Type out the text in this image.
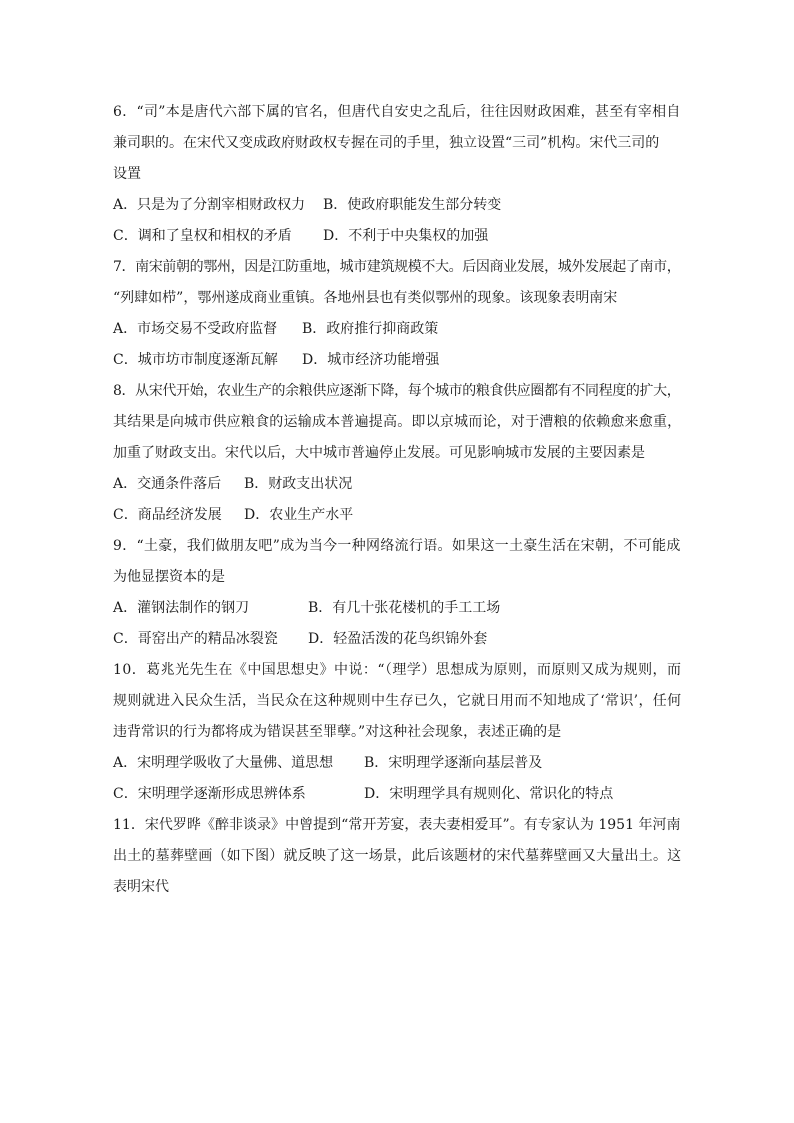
6．“司”本是唐代六部下属的官名，但唐代自安史之乱后，往往因财政困难，甚至有宰相自
兼司职的。在宋代又变成政府财政权专握在司的手里，独立设置“三司”机构。宋代三司的
设置
A．只是为了分割宰相财政权力 B．使政府职能发生部分转变
C．调和了皇权和相权的矛盾 D．不利于中央集权的加强
7．南宋前朝的鄂州，因是江防重地，城市建筑规模不大。后因商业发展，城外发展起了南市，
“列肆如栉”，鄂州遂成商业重镇。各地州县也有类似鄂州的现象。该现象表明南宋
A．市场交易不受政府监督 B．政府推行抑商政策
C．城市坊市制度逐渐瓦解 D．城市经济功能增强
8．从宋代开始，农业生产的余粮供应逐渐下降，每个城市的粮食供应圈都有不同程度的扩大，
其结果是向城市供应粮食的运输成本普遍提高。即以京城而论，对于漕粮的依赖愈来愈重，
加重了财政支出。宋代以后，大中城市普遍停止发展。可见影响城市发展的主要因素是
A．交通条件落后 B．财政支出状况
C．商品经济发展 D．农业生产水平
9．“土豪，我们做朋友吧”成为当今一种网络流行语。如果这一土豪生活在宋朝，不可能成
为他显摆资本的是
A．灌钢法制作的钢刀	B．有几十张花楼机的手工工场
C．哥窑出产的精品冰裂瓷 D．轻盈活泼的花鸟织锦外套
10．葛兆光先生在《中国思想史》中说：“（理学）思想成为原则，而原则又成为规则，而
规则就进入民众生活，当民众在这种规则中生存已久，它就日用而不知地成了‘常识’，任何
违背常识的行为都将成为错误甚至罪孽。”对这种社会现象，表述正确的是
A．宋明理学吸收了大量佛、道思想 B．宋明理学逐渐向基层普及
C．宋明理学逐渐形成思辨体系	D．宋明理学具有规则化、常识化的特点
11．宋代罗晔《醉非谈录》中曾提到“常开芳宴，表夫妻相爱耳”。有专家认为 1951 年河南
出土的墓葬壁画（如下图）就反映了这一场景，此后该题材的宋代墓葬壁画又大量出土。这
表明宋代
